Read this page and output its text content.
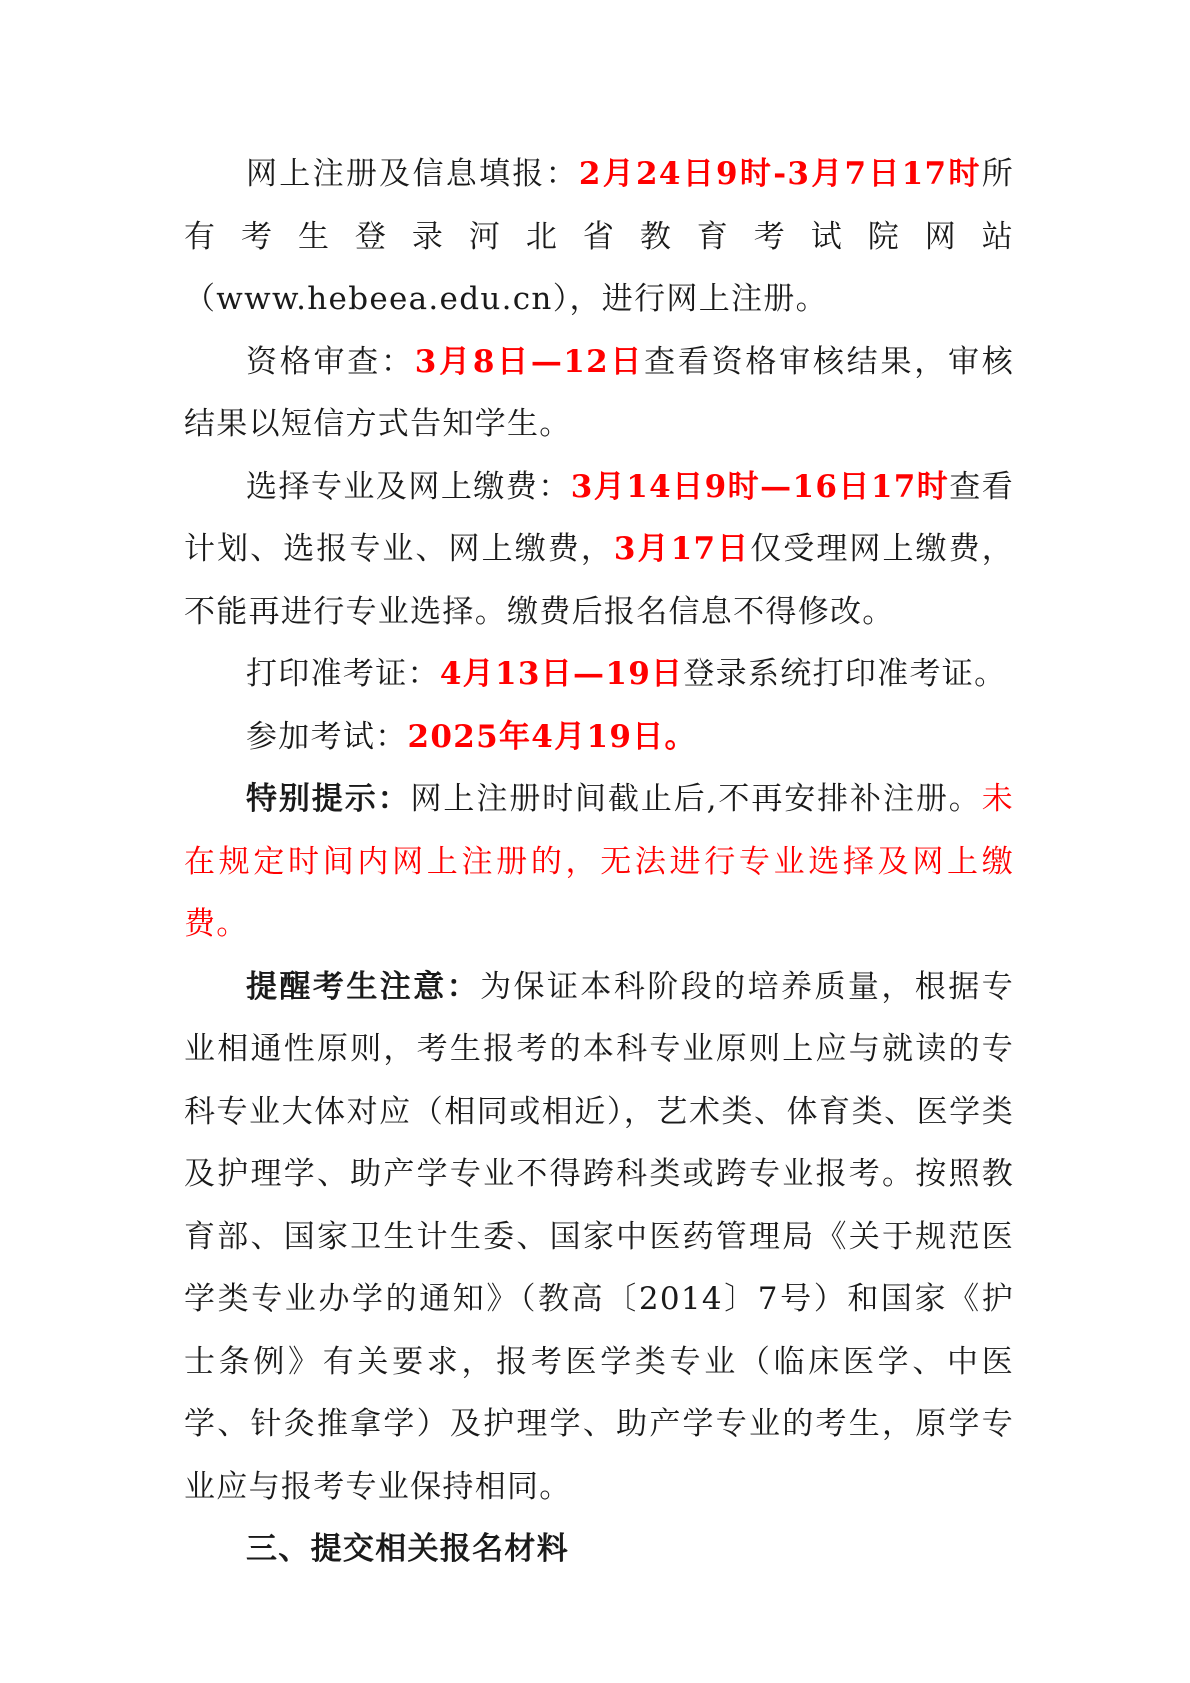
网上注册及信息填报：2月24日9时-3月7日17时所有考生登录河北省教育考试院网站（www.hebeea.edu.cn），进行网上注册。

资格审查：3月8日—12日查看资格审核结果，审核结果以短信方式告知学生。

选择专业及网上缴费：3月14日9时—16日17时查看计划、选报专业、网上缴费，3月17日仅受理网上缴费，不能再进行专业选择。缴费后报名信息不得修改。

打印准考证：4月13日—19日登录系统打印准考证。

参加考试：2025年4月19日。

特别提示：网上注册时间截止后,不再安排补注册。未在规定时间内网上注册的，无法进行专业选择及网上缴费。

提醒考生注意：为保证本科阶段的培养质量，根据专业相通性原则，考生报考的本科专业原则上应与就读的专科专业大体对应（相同或相近），艺术类、体育类、医学类及护理学、助产学专业不得跨科类或跨专业报考。按照教育部、国家卫生计生委、国家中医药管理局《关于规范医学类专业办学的通知》（教高〔2014〕7号）和国家《护士条例》有关要求，报考医学类专业（临床医学、中医学、针灸推拿学）及护理学、助产学专业的考生，原学专业应与报考专业保持相同。

三、提交相关报名材料
